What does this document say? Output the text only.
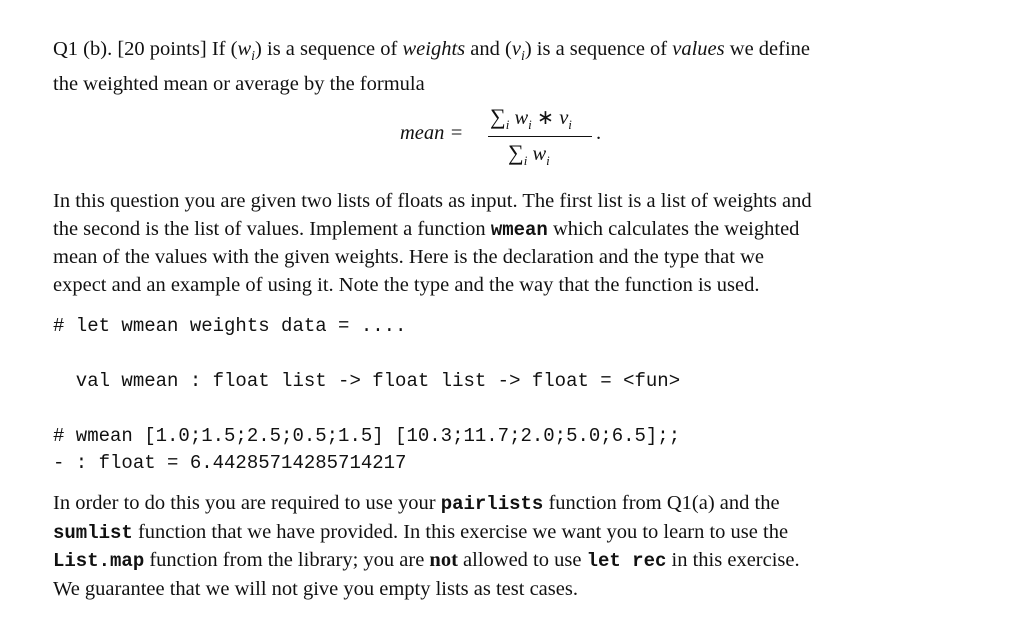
Q1 (b). [20 points] If $(w_i)$ is a sequence of weights and $(v_i)$ is a sequence of values we define
the weighted mean or average by the formula
mean =
$\sum_i$ $w_i$ ∗ $v_i$
$\sum_i$ $w_i$
.
In this question you are given two lists of floats as input. The first list is a list of weights and
the second is the list of values. Implement a function wmean which calculates the weighted
mean of the values with the given weights. Here is the declaration and the type that we
expect and an example of using it. Note the type and the way that the function is used.
# let wmean weights data = ....
val wmean : float list -> float list -> float = <fun>
# wmean [1.0;1.5;2.5;0.5;1.5] [10.3;11.7;2.0;5.0;6.5];;
- : float = 6.44285714285714217
In order to do this you are required to use your pairlists function from Q1(a) and the
sumlist function that we have provided. In this exercise we want you to learn to use the
List.map function from the library; you are not allowed to use let rec in this exercise.
We guarantee that we will not give you empty lists as test cases.
